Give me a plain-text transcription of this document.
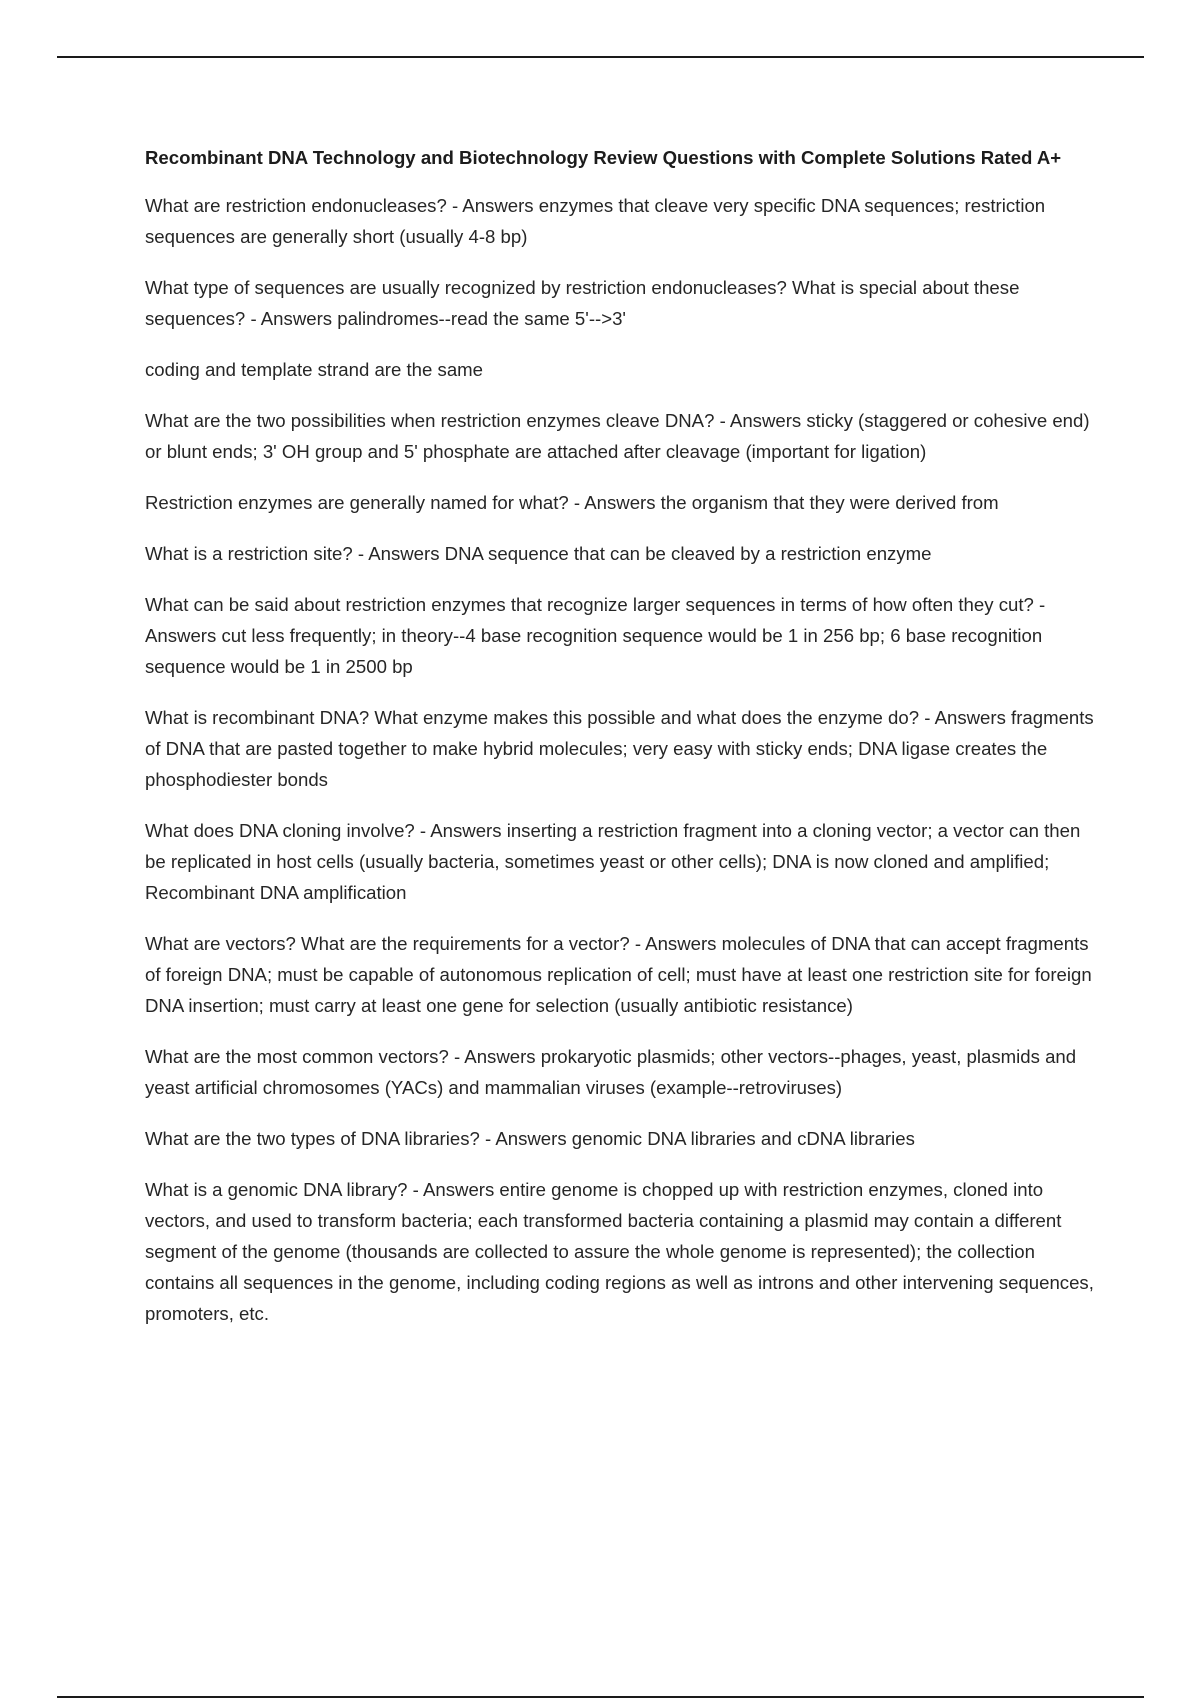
Recombinant DNA Technology and Biotechnology Review Questions with Complete Solutions Rated A+

What are restriction endonucleases? - Answers enzymes that cleave very specific DNA sequences; restriction sequences are generally short (usually 4-8 bp)

What type of sequences are usually recognized by restriction endonucleases? What is special about these sequences? - Answers palindromes--read the same 5'-->3'

coding and template strand are the same

What are the two possibilities when restriction enzymes cleave DNA? - Answers sticky (staggered or cohesive end) or blunt ends; 3' OH group and 5' phosphate are attached after cleavage (important for ligation)

Restriction enzymes are generally named for what? - Answers the organism that they were derived from

What is a restriction site? - Answers DNA sequence that can be cleaved by a restriction enzyme

What can be said about restriction enzymes that recognize larger sequences in terms of how often they cut? - Answers cut less frequently; in theory--4 base recognition sequence would be 1 in 256 bp; 6 base recognition sequence would be 1 in 2500 bp

What is recombinant DNA? What enzyme makes this possible and what does the enzyme do? - Answers fragments of DNA that are pasted together to make hybrid molecules; very easy with sticky ends; DNA ligase creates the phosphodiester bonds

What does DNA cloning involve? - Answers inserting a restriction fragment into a cloning vector; a vector can then be replicated in host cells (usually bacteria, sometimes yeast or other cells); DNA is now cloned and amplified; Recombinant DNA amplification

What are vectors? What are the requirements for a vector? - Answers molecules of DNA that can accept fragments of foreign DNA; must be capable of autonomous replication of cell; must have at least one restriction site for foreign DNA insertion; must carry at least one gene for selection (usually antibiotic resistance)

What are the most common vectors? - Answers prokaryotic plasmids; other vectors--phages, yeast, plasmids and yeast artificial chromosomes (YACs) and mammalian viruses (example--retroviruses)

What are the two types of DNA libraries? - Answers genomic DNA libraries and cDNA libraries

What is a genomic DNA library? - Answers entire genome is chopped up with restriction enzymes, cloned into vectors, and used to transform bacteria; each transformed bacteria containing a plasmid may contain a different segment of the genome (thousands are collected to assure the whole genome is represented); the collection contains all sequences in the genome, including coding regions as well as introns and other intervening sequences, promoters, etc.
